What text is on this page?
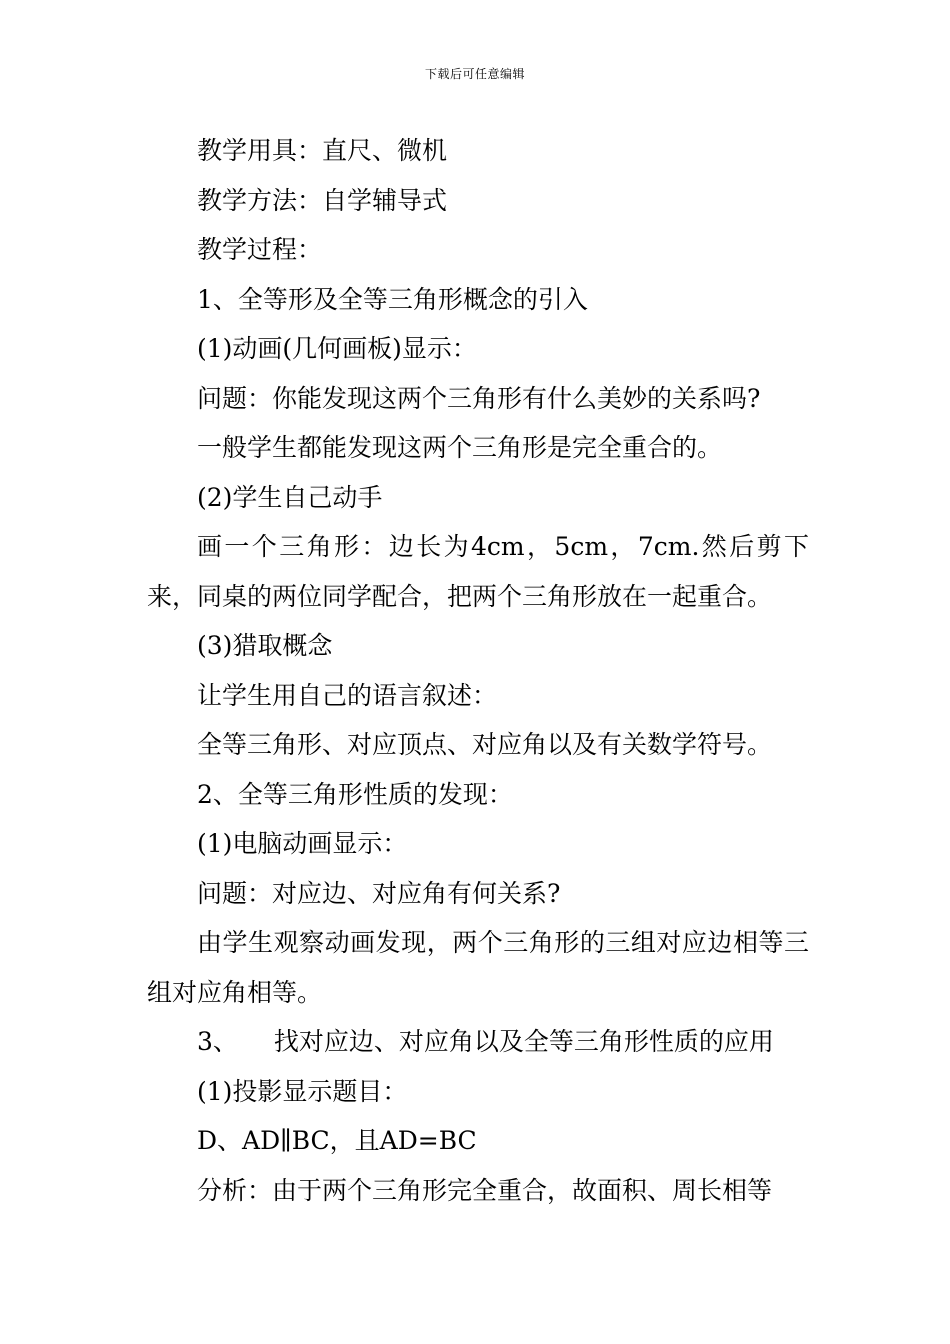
下载后可任意编辑

教学用具：直尺、微机

教学方法：自学辅导式

教学过程：

1、全等形及全等三角形概念的引入

(1)动画(几何画板)显示：

问题：你能发现这两个三角形有什么美妙的关系吗?

一般学生都能发现这两个三角形是完全重合的。

(2)学生自己动手

画一个三角形：边长为4cm，5cm，7cm.然后剪下来，同桌的两位同学配合，把两个三角形放在一起重合。

(3)猎取概念

让学生用自己的语言叙述：

全等三角形、对应顶点、对应角以及有关数学符号。

2、全等三角形性质的发现：

(1)电脑动画显示：

问题：对应边、对应角有何关系?

由学生观察动画发现，两个三角形的三组对应边相等三组对应角相等。

3、 找对应边、对应角以及全等三角形性质的应用

(1)投影显示题目：

D、AD∥BC，且AD=BC

分析：由于两个三角形完全重合，故面积、周长相等
